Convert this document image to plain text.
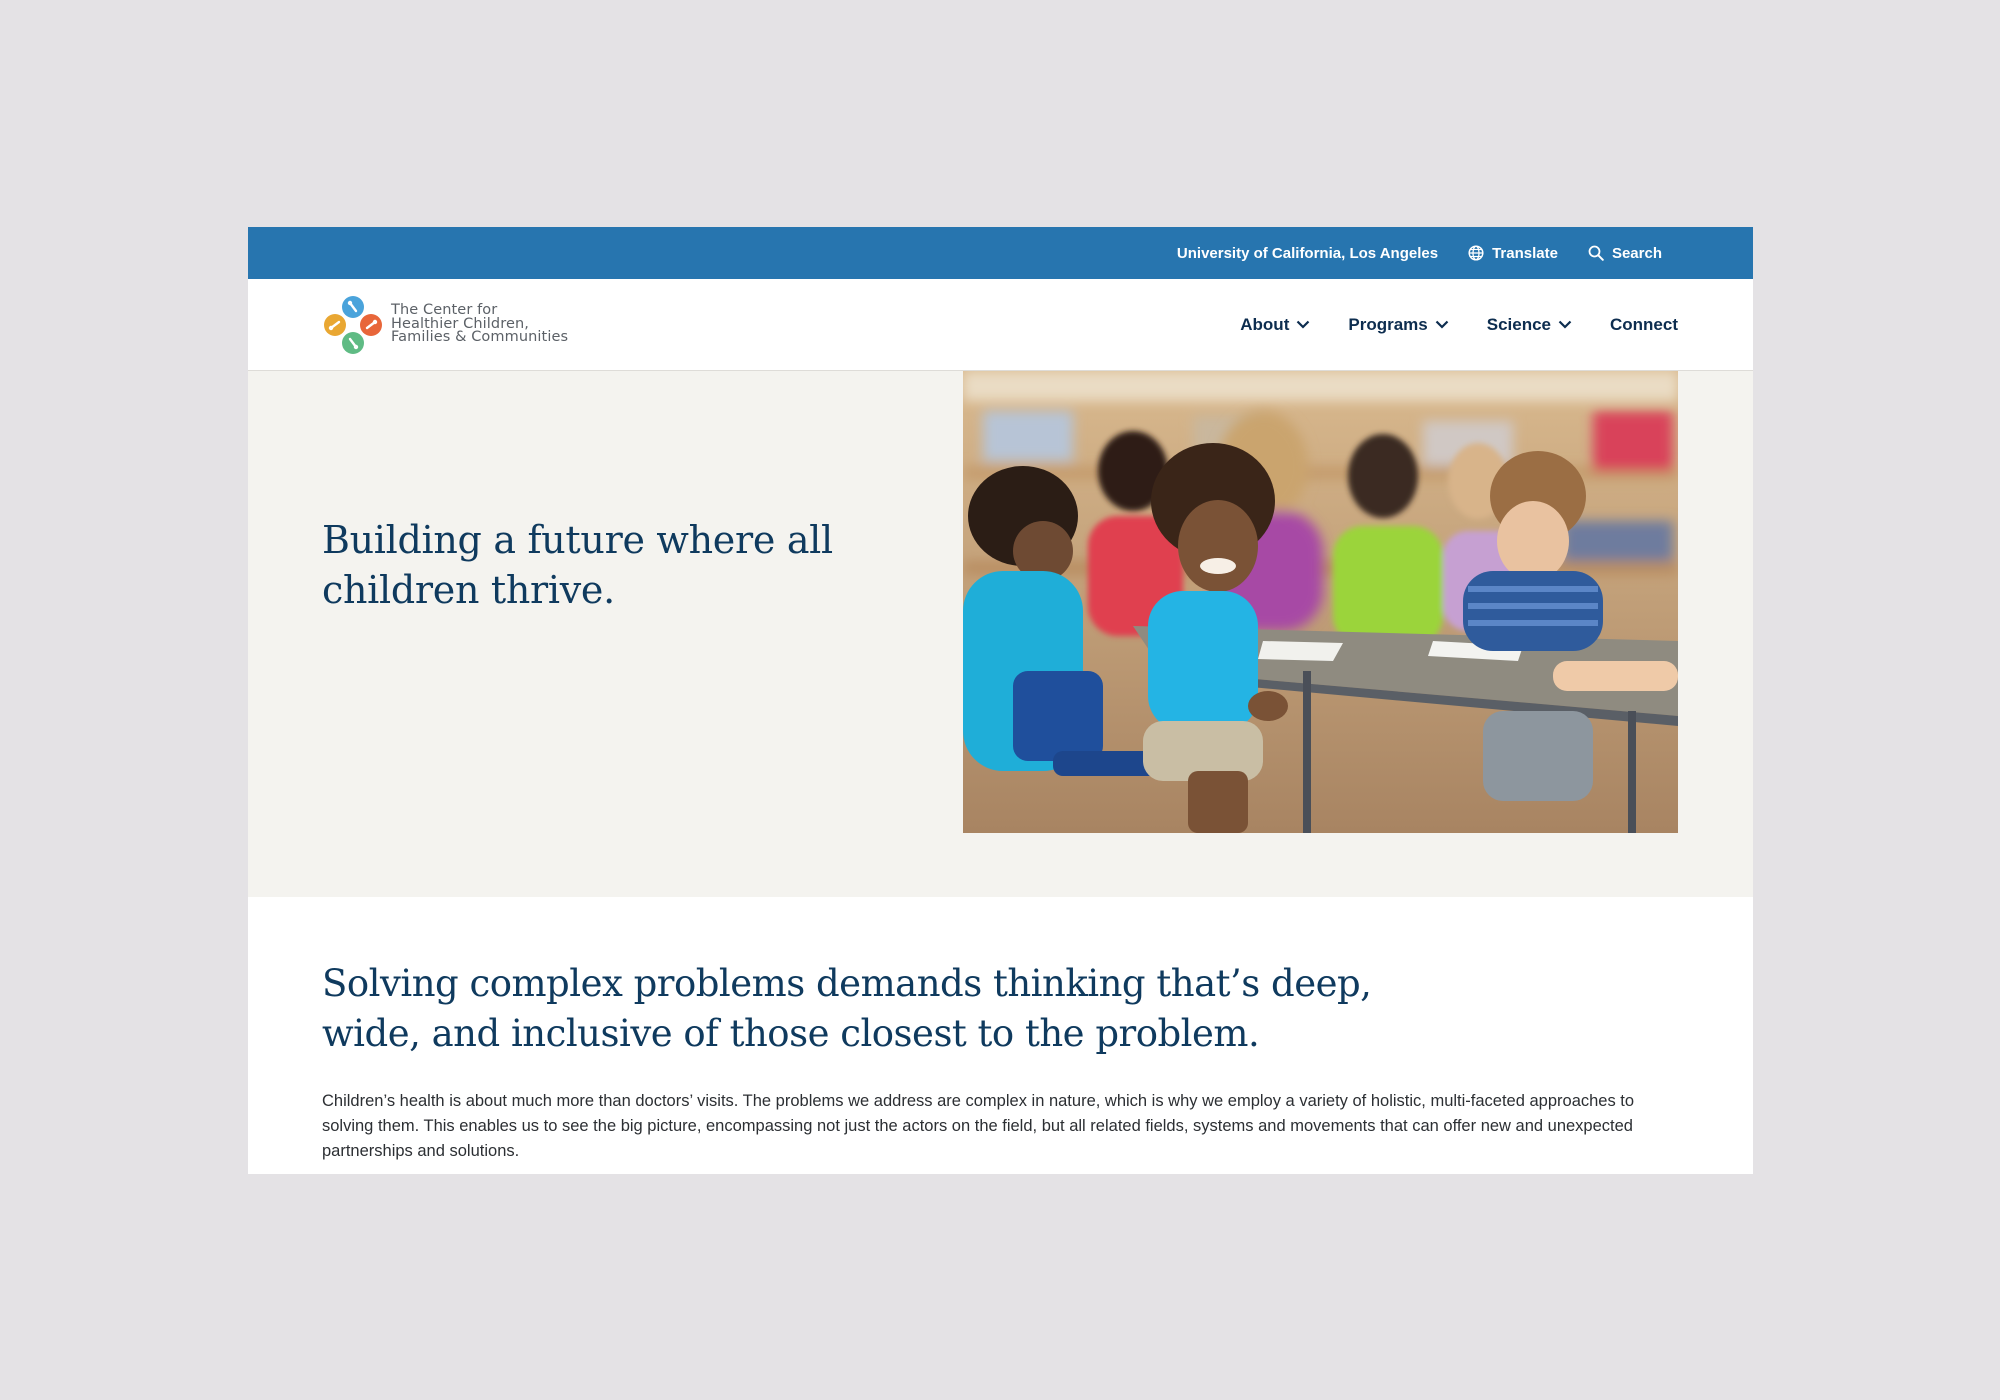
University of California, Los Angeles	Translate	Search
The Center for
Healthier Children,
Families & Communities
About	Programs	Science	Connect
Building a future where all children thrive.
Solving complex problems demands thinking that’s deep, wide, and inclusive of those closest to the problem.

Children’s health is about much more than doctors’ visits. The problems we address are complex in nature, which is why we employ a variety of holistic, multi-faceted approaches to solving them. This enables us to see the big picture, encompassing not just the actors on the field, but all related fields, systems and movements that can offer new and unexpected partnerships and solutions.
